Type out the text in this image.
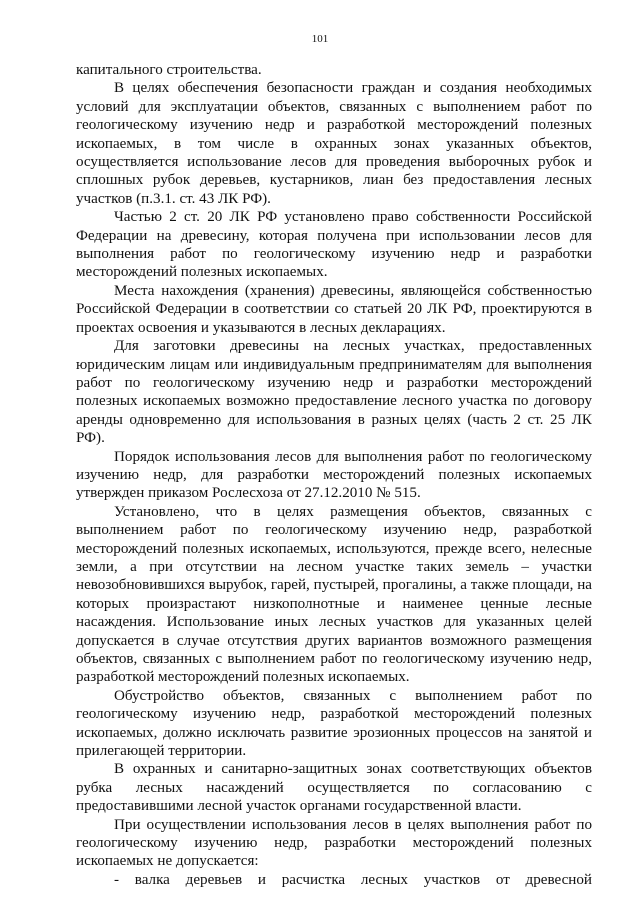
101

капитального строительства.

В целях обеспечения безопасности граждан и создания необходимых условий для эксплуатации объектов, связанных с выполнением работ по геологическому изучению недр и разработкой месторождений полезных ископаемых, в том числе в охранных зонах указанных объектов, осуществляется использование лесов для проведения выборочных рубок и сплошных рубок деревьев, кустарников, лиан без предоставления лесных участков (п.3.1. ст. 43 ЛК РФ).

Частью 2 ст. 20 ЛК РФ установлено право собственности Российской Федерации на древесину, которая получена при использовании лесов для выполнения работ по геологическому изучению недр и разработки месторождений полезных ископаемых.

Места нахождения (хранения) древесины, являющейся собственностью Российской Федерации в соответствии со статьей 20 ЛК РФ, проектируются в проектах освоения и указываются в лесных декларациях.

Для заготовки древесины на лесных участках, предоставленных юридическим лицам или индивидуальным предпринимателям для выполнения работ по геологическому изучению недр и разработки месторождений полезных ископаемых возможно предоставление лесного участка по договору аренды одновременно для использования в разных целях (часть 2 ст. 25 ЛК РФ).

Порядок использования лесов для выполнения работ по геологическому изучению недр, для разработки месторождений полезных ископаемых утвержден приказом Рослесхоза от 27.12.2010 № 515.

Установлено, что в целях размещения объектов, связанных с выполнением работ по геологическому изучению недр, разработкой месторождений полезных ископаемых, используются, прежде всего, нелесные земли, а при отсутствии на лесном участке таких земель – участки невозобновившихся вырубок, гарей, пустырей, прогалины, а также площади, на которых произрастают низкополнотные и наименее ценные лесные насаждения. Использование иных лесных участков для указанных целей допускается в случае отсутствия других вариантов возможного размещения объектов, связанных с выполнением работ по геологическому изучению недр, разработкой месторождений полезных ископаемых.

Обустройство объектов, связанных с выполнением работ по геологическому изучению недр, разработкой месторождений полезных ископаемых, должно исключать развитие эрозионных процессов на занятой и прилегающей территории.

В охранных и санитарно-защитных зонах соответствующих объектов рубка лесных насаждений осуществляется по согласованию с предоставившими лесной участок органами государственной власти.

При осуществлении использования лесов в целях выполнения работ по геологическому изучению недр, разработки месторождений полезных ископаемых не допускается:

- валка деревьев и расчистка лесных участков от древесной
